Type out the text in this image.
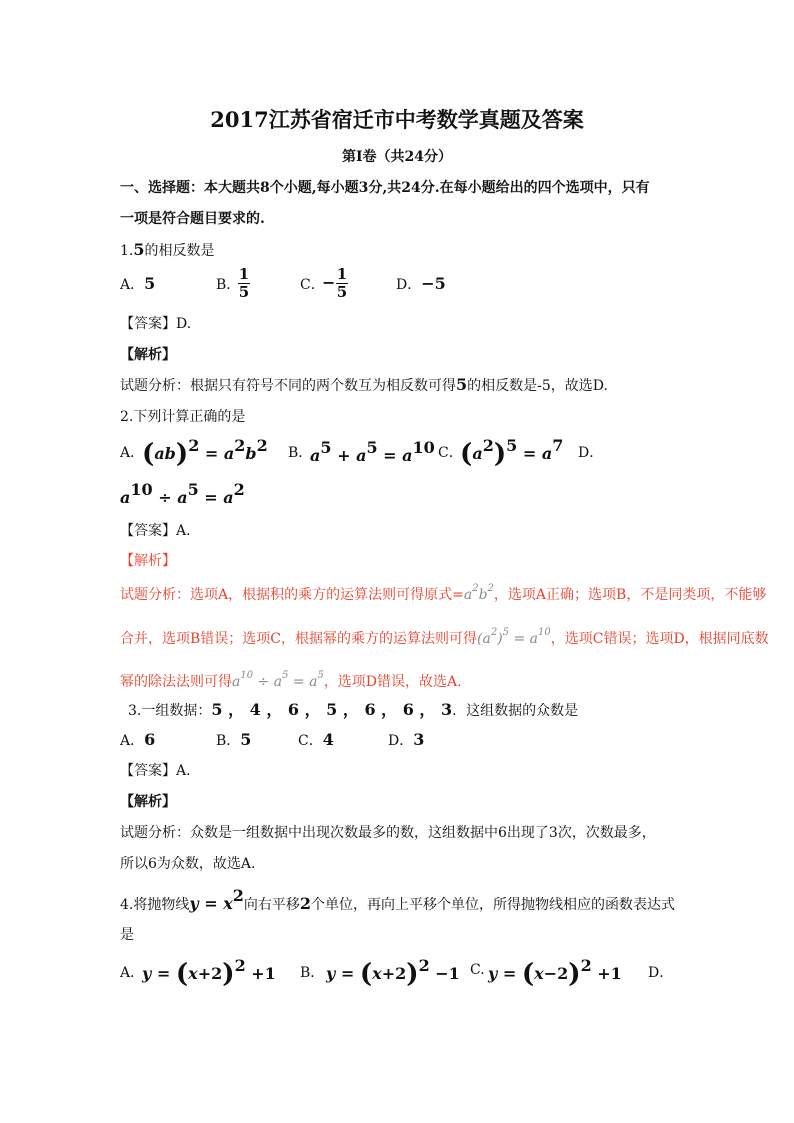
2017江苏省宿迁市中考数学真题及答案
第Ⅰ卷（共24分）
一、选择题：本大题共8个小题,每小题3分,共24分.在每小题给出的四个选项中，只有
一项是符合题目要求的.
1.5的相反数是
A．5	B．
1
5	C．
− 1
5	D．−5
【答案】D.
【解析】
试题分析：根据只有符号不同的两个数互为相反数可得5的相反数是-5，故选D.
2.下列计算正确的是
A．
$(ab)^2 = a^2b^2$ B．
$a^5 + a^5 = a^{10}$ C．
$(a^2)^5 = a^7$ D．
$a^{10} \div a^5 = a^2$
【答案】A.
【解析】
试题分析：选项A，根据积的乘方的运算法则可得原式$=a^2b^2$，选项A正确；选项B，不是同类项，不能够
合并，选项B错误；选项C，根据幂的乘方的运算法则可得$(a^2)^5 = a^{10}$，选项C错误；选项D，根据同底数
幂的除法法则可得$a^{10} \div a^5 = a^5$，选项D错误，故选A.
3.一组数据：5 ， 4 ， 6 ， 5 ， 6 ， 6 ， 3．这组数据的众数是
A．6	B．5	C．4	D．3
【答案】A.
【解析】
试题分析：众数是一组数据中出现次数最多的数，这组数据中6出现了3次，次数最多，
所以6为众数，故选A.
4.将抛物线$y = x^2$向右平移2个单位，再向上平移个单位，所得抛物线相应的函数表达式
是
A．
$y = (x+2)^2 +1$ B． $y = (x+2)^2 -1$ C. $y = (x-2)^2 +1$ D．
